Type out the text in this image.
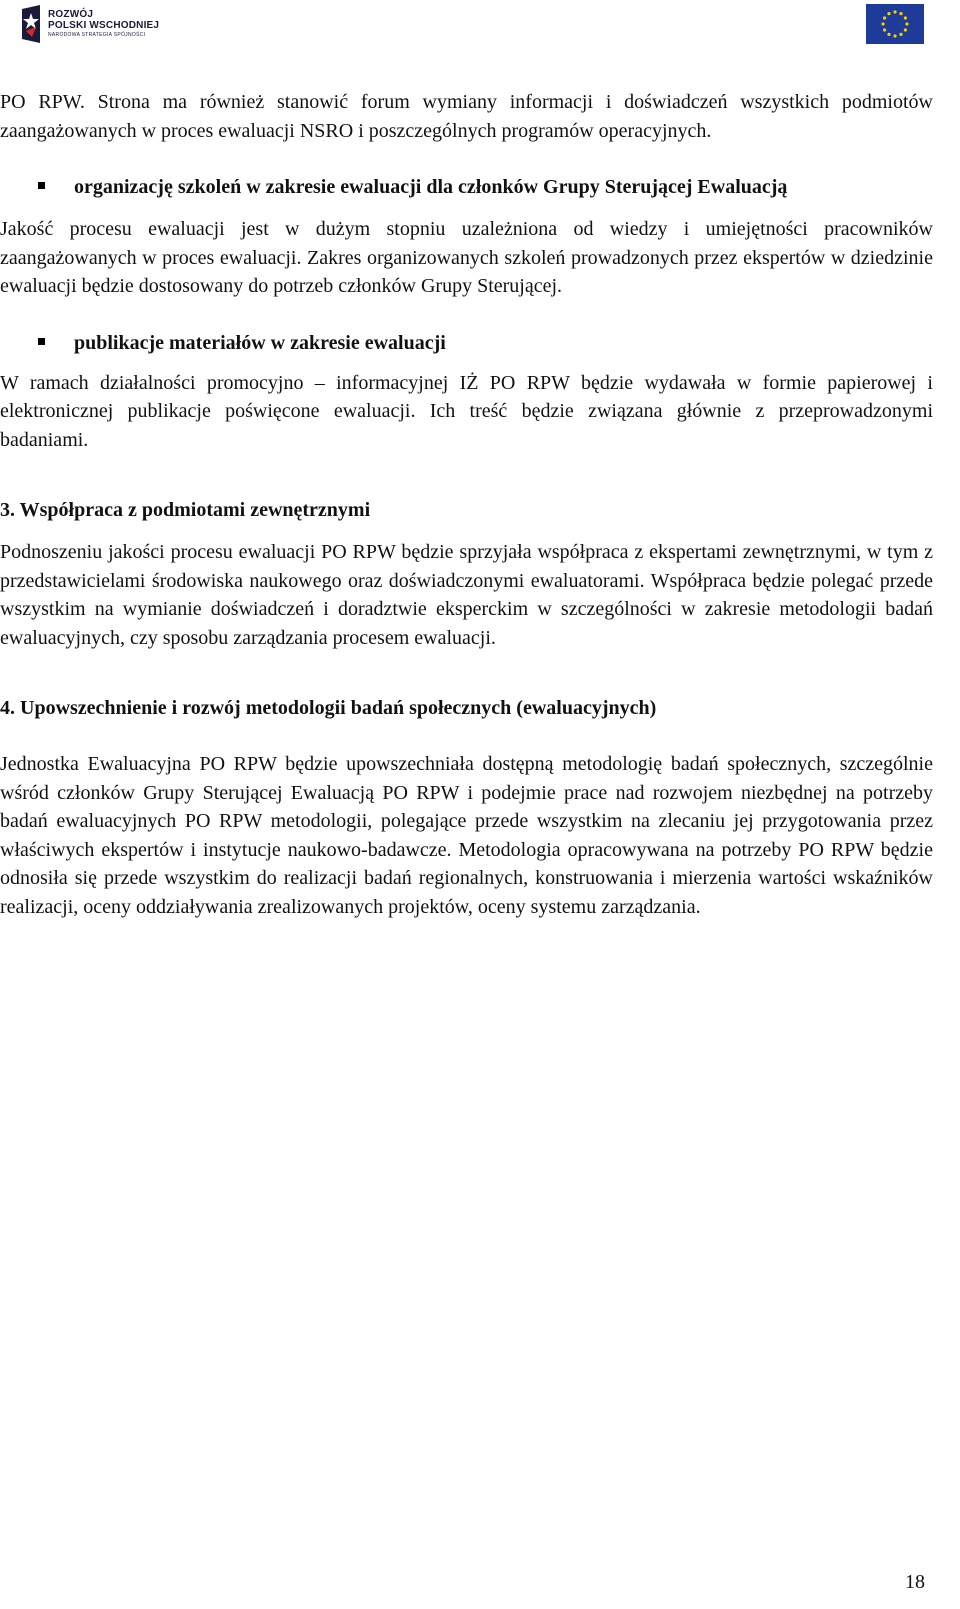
ROZWÓJ
POLSKI WSCHODNIEJ
NARODOWA STRATEGIA SPÓJNOŚCI

PO RPW. Strona ma również stanowić forum wymiany informacji i doświadczeń wszystkich podmiotów zaangażowanych w proces ewaluacji NSRO i poszczególnych programów operacyjnych.

organizację szkoleń w zakresie ewaluacji dla członków Grupy Sterującej Ewaluacją

Jakość procesu ewaluacji jest w dużym stopniu uzależniona od wiedzy i umiejętności pracowników zaangażowanych w proces ewaluacji. Zakres organizowanych szkoleń prowadzonych przez ekspertów w dziedzinie ewaluacji będzie dostosowany do potrzeb członków Grupy Sterującej.

publikacje materiałów w zakresie ewaluacji

W ramach działalności promocyjno – informacyjnej IŻ PO RPW będzie wydawała w formie papierowej i elektronicznej publikacje poświęcone ewaluacji. Ich treść będzie związana głównie z przeprowadzonymi badaniami.

3. Współpraca z podmiotami zewnętrznymi

Podnoszeniu jakości procesu ewaluacji PO RPW będzie sprzyjała współpraca z ekspertami zewnętrznymi, w tym z przedstawicielami środowiska naukowego oraz doświadczonymi ewaluatorami. Współpraca będzie polegać przede wszystkim na wymianie doświadczeń i doradztwie eksperckim w szczególności w zakresie metodologii badań ewaluacyjnych, czy sposobu zarządzania procesem ewaluacji.

4. Upowszechnienie i rozwój metodologii badań społecznych (ewaluacyjnych)

Jednostka Ewaluacyjna PO RPW będzie upowszechniała dostępną metodologię badań społecznych, szczególnie wśród członków Grupy Sterującej Ewaluacją PO RPW i podejmie prace nad rozwojem niezbędnej na potrzeby badań ewaluacyjnych PO RPW metodologii, polegające przede wszystkim na zlecaniu jej przygotowania przez właściwych ekspertów i instytucje naukowo-badawcze. Metodologia opracowywana na potrzeby PO RPW będzie odnosiła się przede wszystkim do realizacji badań regionalnych, konstruowania i mierzenia wartości wskaźników realizacji, oceny oddziaływania zrealizowanych projektów, oceny systemu zarządzania.

18
